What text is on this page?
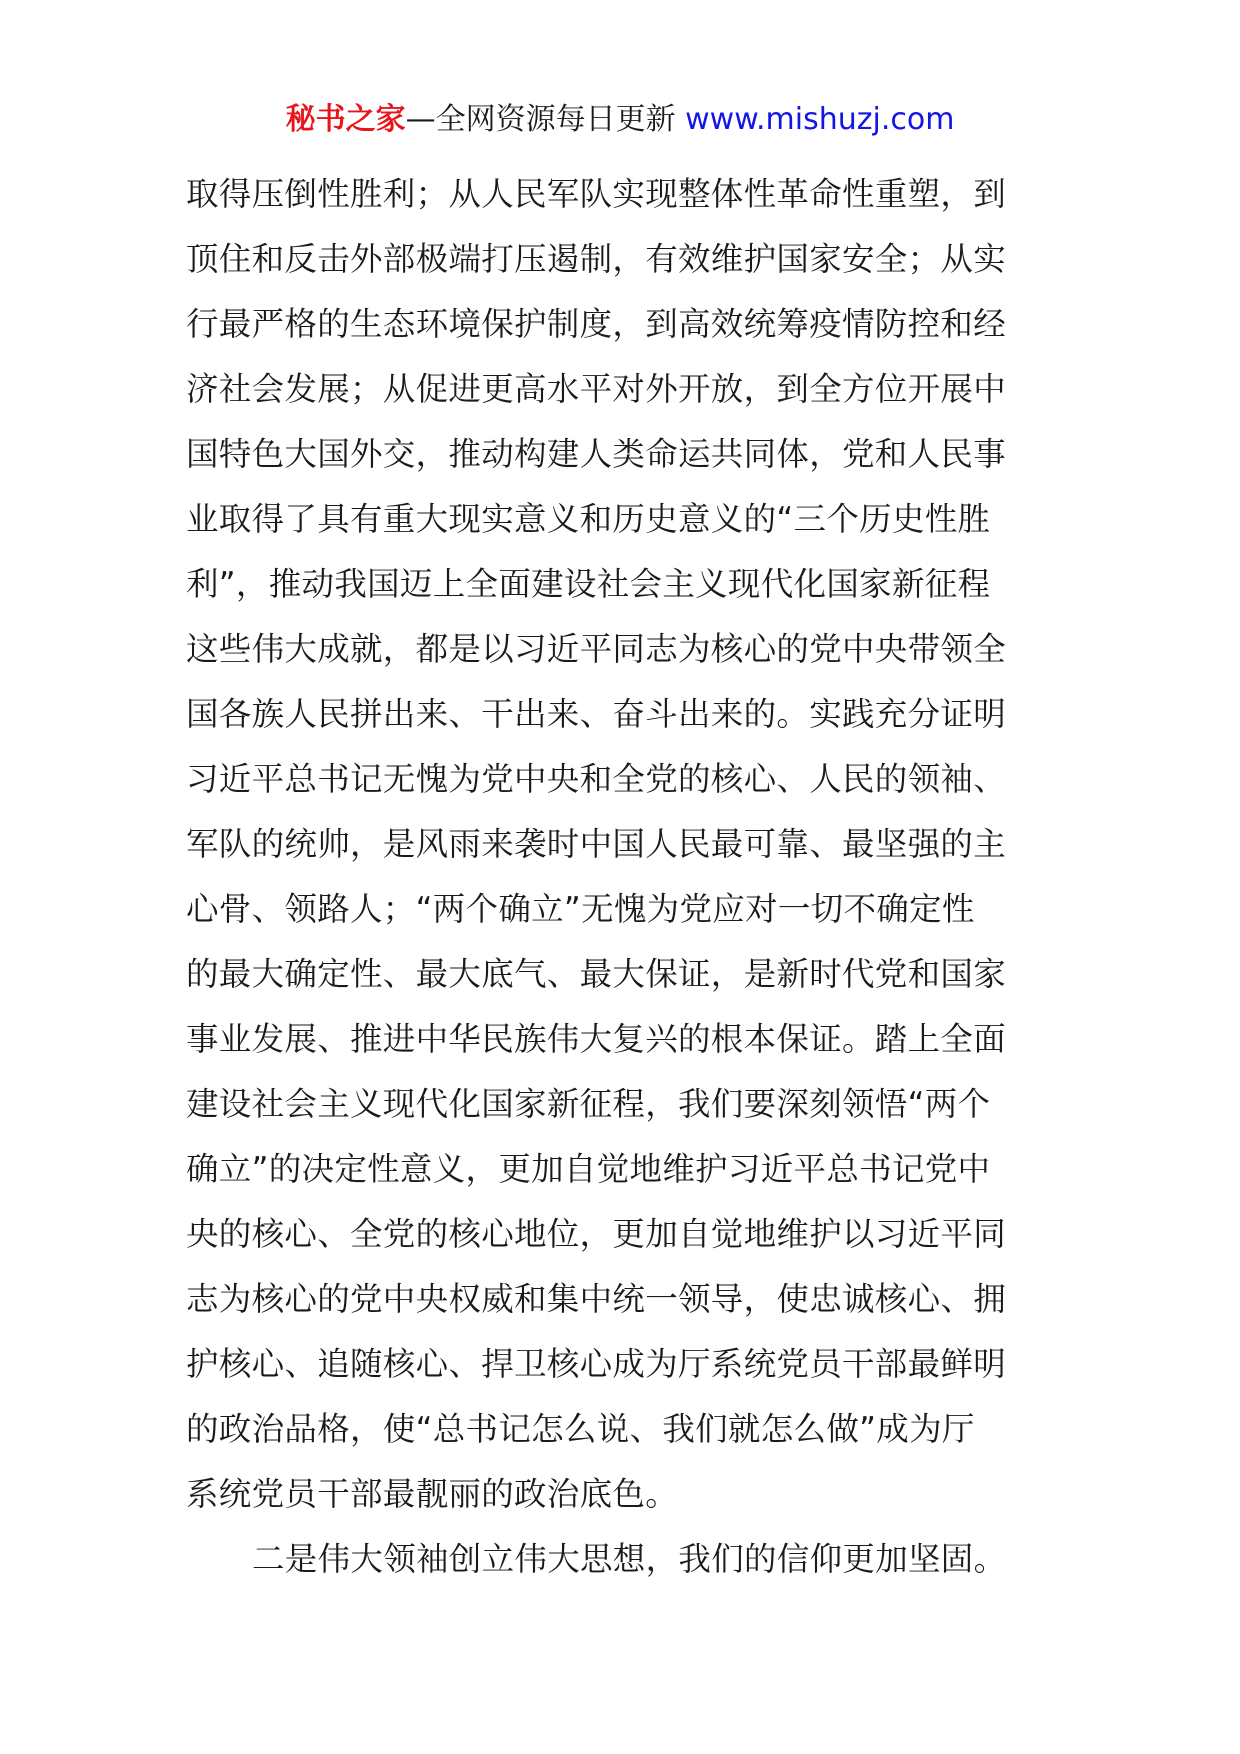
秘书之家—全网资源每日更新 www.mishuzj.com
取得压倒性胜利；从人民军队实现整体性革命性重塑，到
顶住和反击外部极端打压遏制，有效维护国家安全；从实
行最严格的生态环境保护制度，到高效统筹疫情防控和经
济社会发展；从促进更高水平对外开放，到全方位开展中
国特色大国外交，推动构建人类命运共同体，党和人民事
业取得了具有重大现实意义和历史意义的“三个历史性胜
利”，推动我国迈上全面建设社会主义现代化国家新征程
这些伟大成就，都是以习近平同志为核心的党中央带领全
国各族人民拼出来、干出来、奋斗出来的。实践充分证明
习近平总书记无愧为党中央和全党的核心、人民的领袖、
军队的统帅，是风雨来袭时中国人民最可靠、最坚强的主
心骨、领路人；“两个确立”无愧为党应对一切不确定性
的最大确定性、最大底气、最大保证，是新时代党和国家
事业发展、推进中华民族伟大复兴的根本保证。踏上全面
建设社会主义现代化国家新征程，我们要深刻领悟“两个
确立”的决定性意义，更加自觉地维护习近平总书记党中
央的核心、全党的核心地位，更加自觉地维护以习近平同
志为核心的党中央权威和集中统一领导，使忠诚核心、拥
护核心、追随核心、捍卫核心成为厅系统党员干部最鲜明
的政治品格，使“总书记怎么说、我们就怎么做”成为厅
系统党员干部最靓丽的政治底色。
二是伟大领袖创立伟大思想，我们的信仰更加坚固。
